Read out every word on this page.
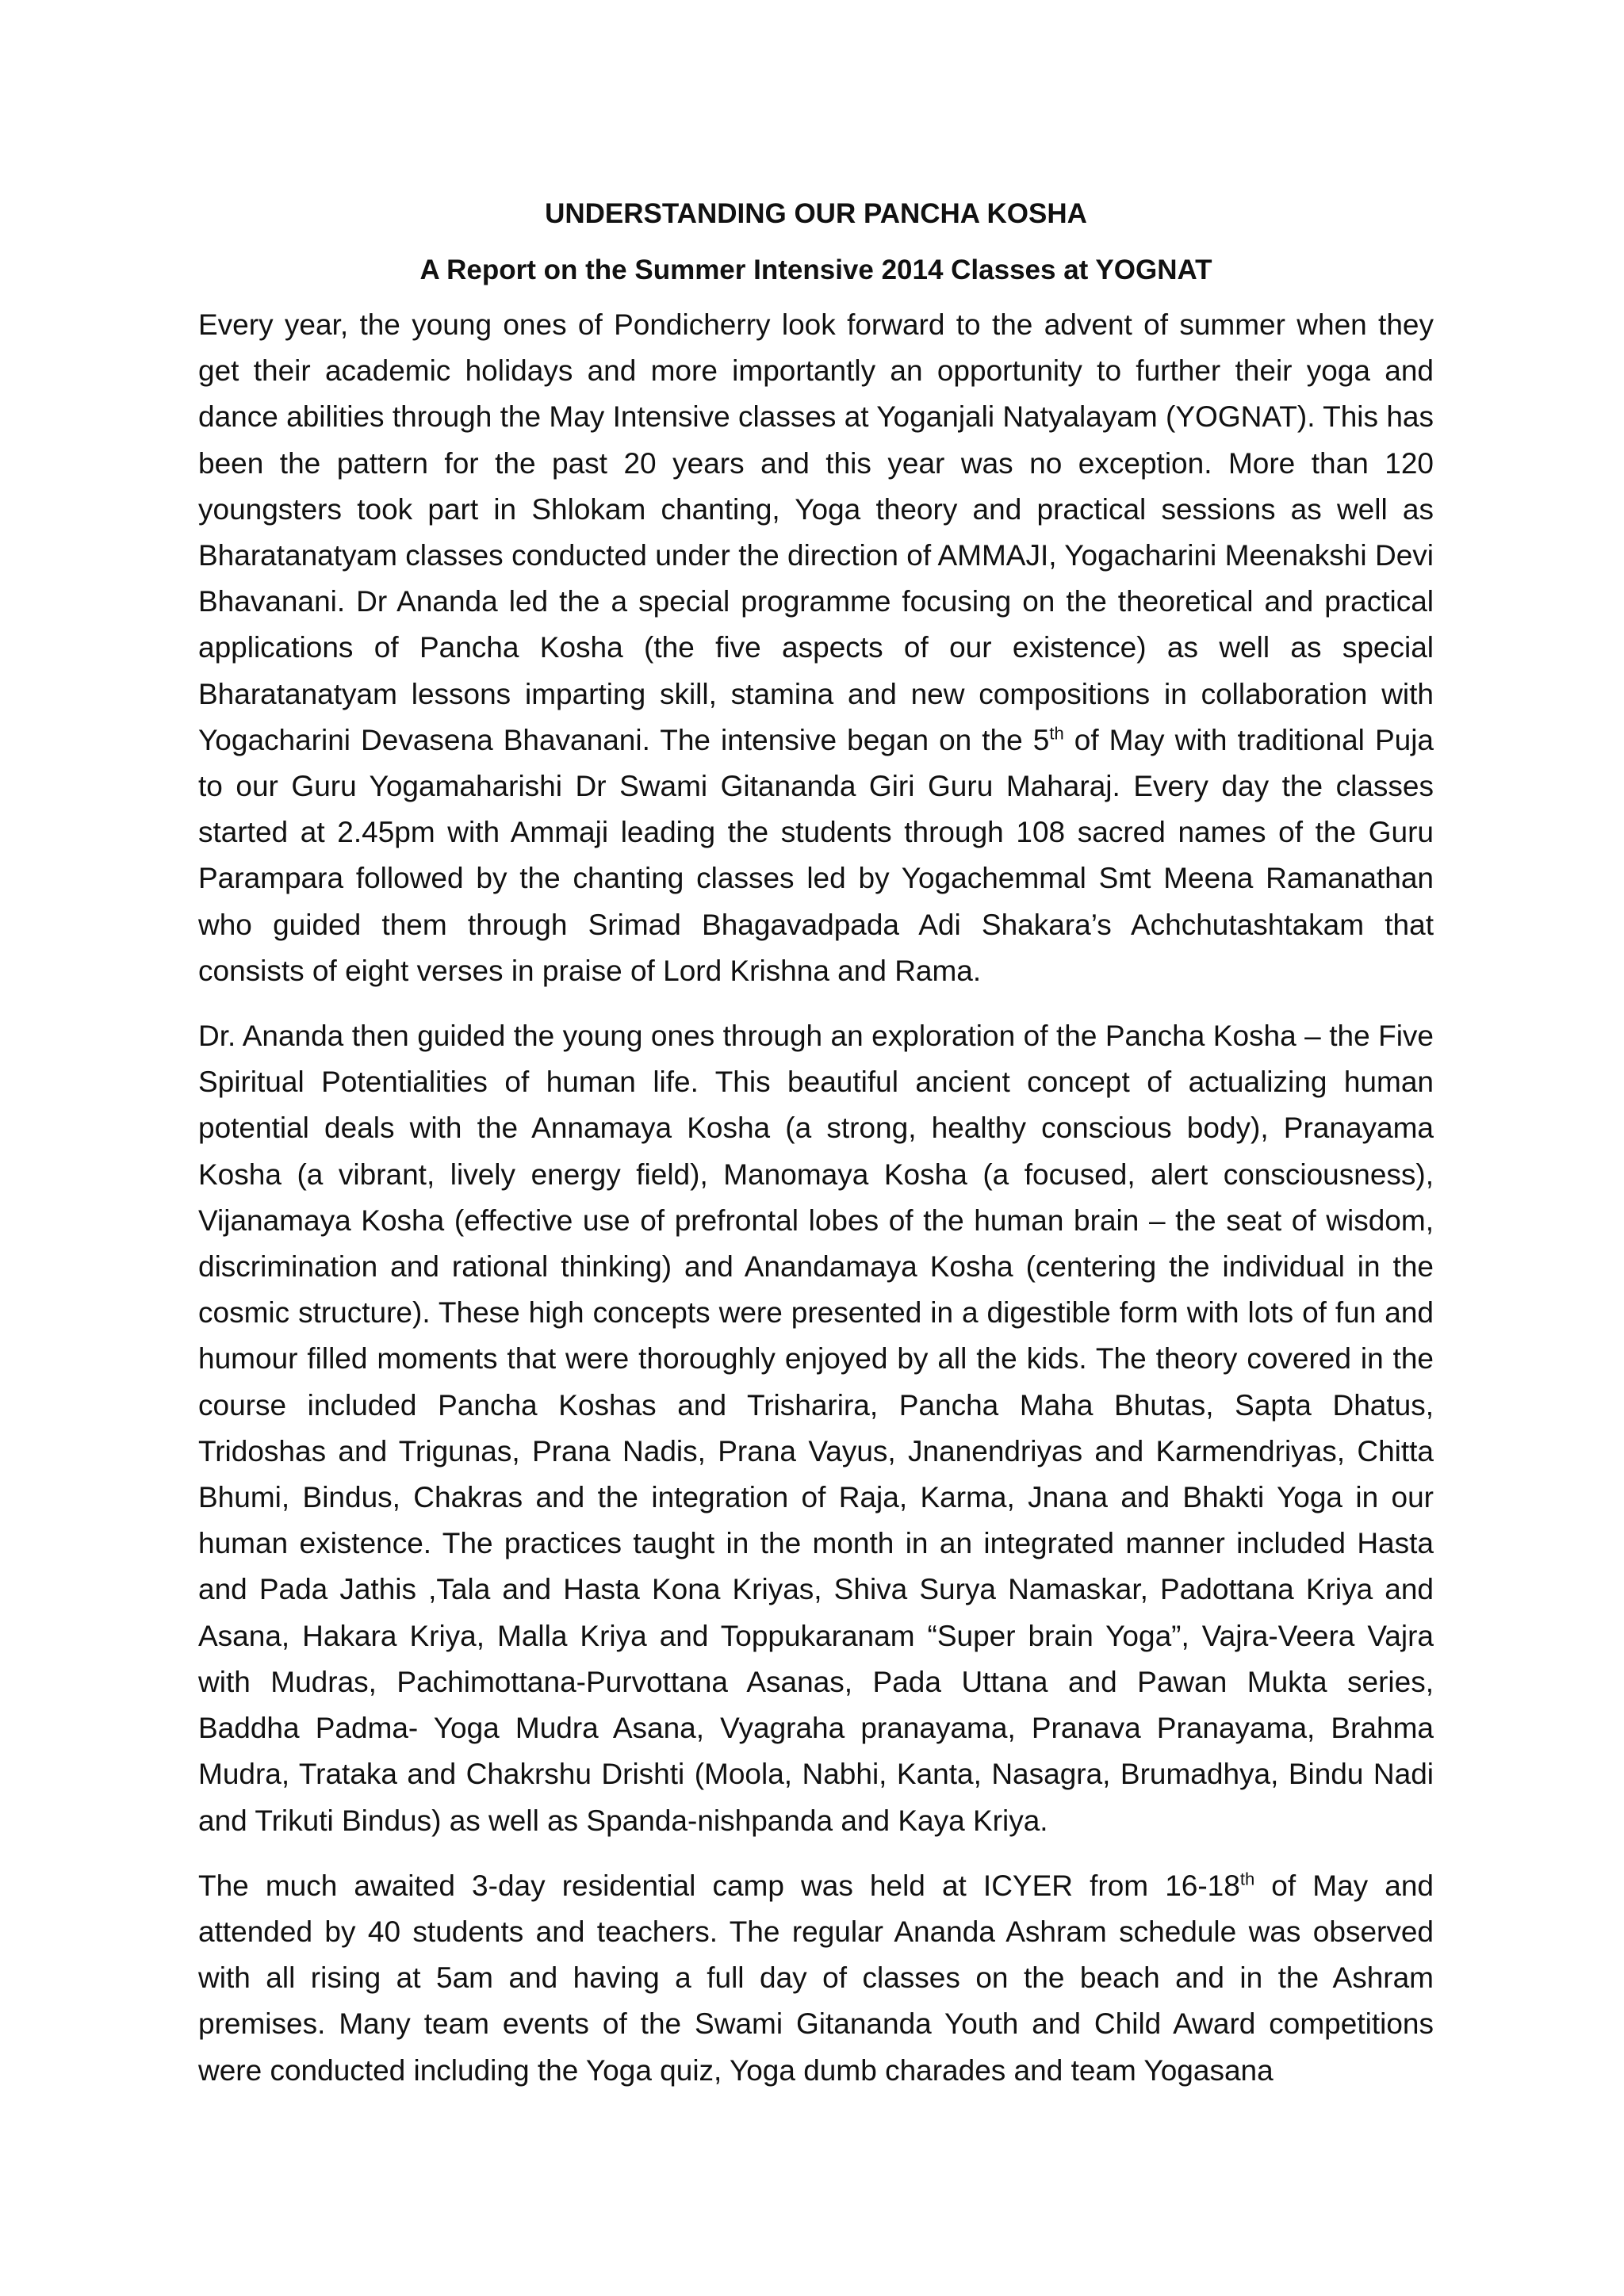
UNDERSTANDING OUR PANCHA KOSHA
A Report on the Summer Intensive 2014 Classes at YOGNAT

Every year, the young ones of Pondicherry look forward to the advent of summer when they get their academic holidays and more importantly an opportunity to further their yoga and dance abilities through the May Intensive classes at Yoganjali Natyalayam (YOGNAT). This has been the pattern for the past 20 years and this year was no exception. More than 120 youngsters took part in Shlokam chanting, Yoga theory and practical sessions as well as Bharatanatyam classes conducted under the direction of AMMAJI, Yogacharini Meenakshi Devi Bhavanani. Dr Ananda led the a special programme focusing on the theoretical and practical applications of Pancha Kosha (the five aspects of our existence) as well as special Bharatanatyam lessons imparting skill, stamina and new compositions in collaboration with Yogacharini Devasena Bhavanani. The intensive began on the 5th of May with traditional Puja to our Guru Yogamaharishi Dr Swami Gitananda Giri Guru Maharaj. Every day the classes started at 2.45pm with Ammaji leading the students through 108 sacred names of the Guru Parampara followed by the chanting classes led by Yogachemmal Smt Meena Ramanathan who guided them through Srimad Bhagavadpada Adi Shakara’s Achchutashtakam that consists of eight verses in praise of Lord Krishna and Rama.

Dr. Ananda then guided the young ones through an exploration of the Pancha Kosha – the Five Spiritual Potentialities of human life. This beautiful ancient concept of actualizing human potential deals with the Annamaya Kosha (a strong, healthy conscious body), Pranayama Kosha (a vibrant, lively energy field), Manomaya Kosha (a focused, alert consciousness), Vijanamaya Kosha (effective use of prefrontal lobes of the human brain – the seat of wisdom, discrimination and rational thinking) and Anandamaya Kosha (centering the individual in the cosmic structure). These high concepts were presented in a digestible form with lots of fun and humour filled moments that were thoroughly enjoyed by all the kids. The theory covered in the course included Pancha Koshas and Trisharira, Pancha Maha Bhutas, Sapta Dhatus, Tridoshas and Trigunas, Prana Nadis, Prana Vayus, Jnanendriyas and Karmendriyas, Chitta Bhumi, Bindus, Chakras and the integration of Raja, Karma, Jnana and Bhakti Yoga in our human existence. The practices taught in the month in an integrated manner included Hasta and Pada Jathis ,Tala and Hasta Kona Kriyas, Shiva Surya Namaskar, Padottana Kriya and Asana, Hakara Kriya, Malla Kriya and Toppukaranam “Super brain Yoga”, Vajra-Veera Vajra with Mudras, Pachimottana-Purvottana Asanas, Pada Uttana and Pawan Mukta series, Baddha Padma- Yoga Mudra Asana, Vyagraha pranayama, Pranava Pranayama, Brahma Mudra, Trataka and Chakrshu Drishti (Moola, Nabhi, Kanta, Nasagra, Brumadhya, Bindu Nadi and Trikuti Bindus) as well as Spanda-nishpanda and Kaya Kriya.

The much awaited 3-day residential camp was held at ICYER from 16-18th of May and attended by 40 students and teachers. The regular Ananda Ashram schedule was observed with all rising at 5am and having a full day of classes on the beach and in the Ashram premises. Many team events of the Swami Gitananda Youth and Child Award competitions were conducted including the Yoga quiz, Yoga dumb charades and team Yogasana
